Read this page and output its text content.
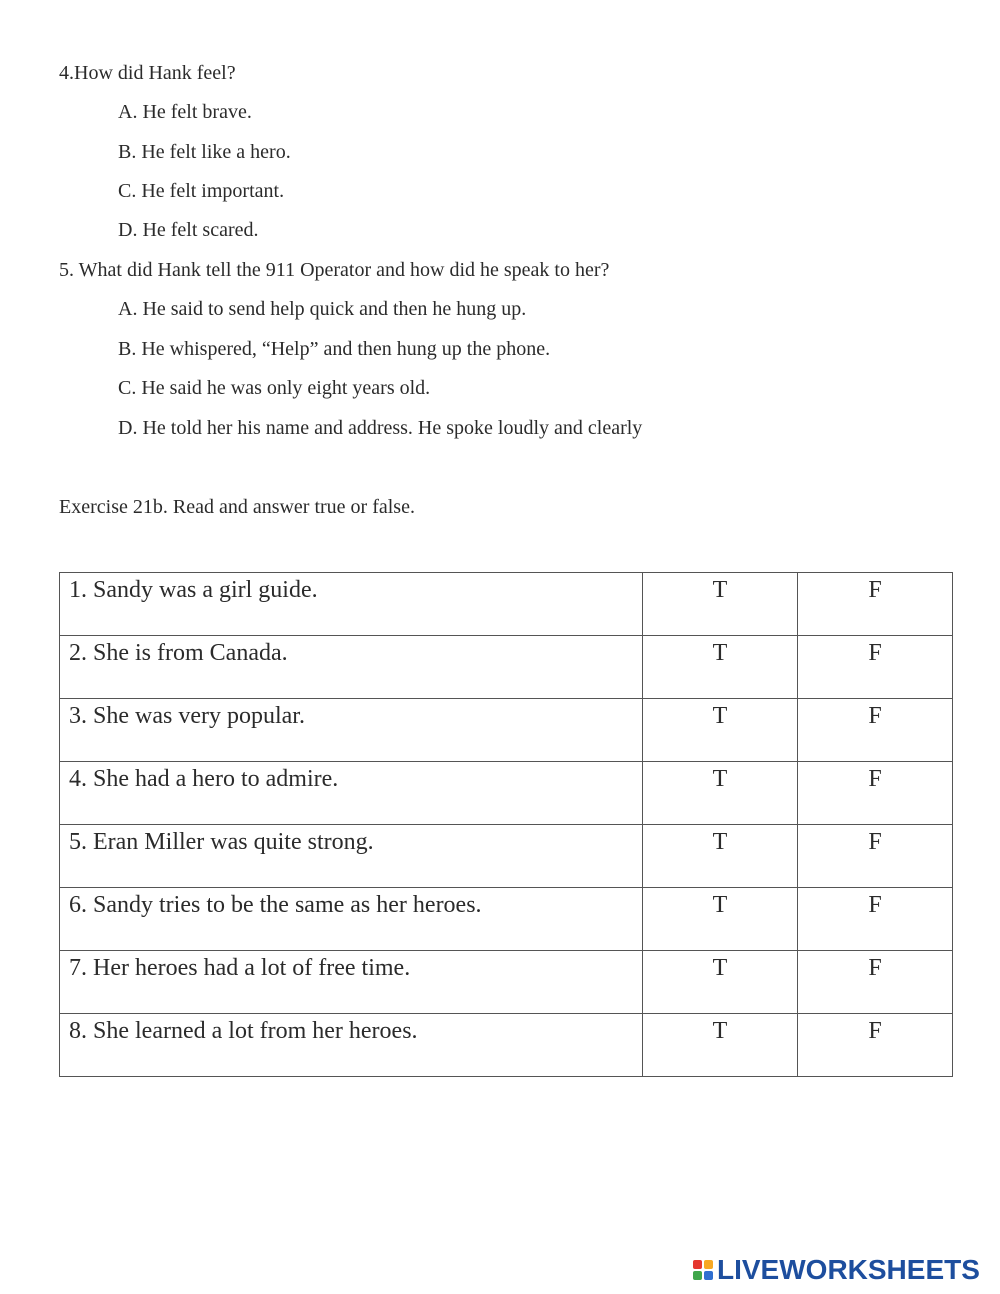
4.How did Hank feel?
A. He felt brave.
B. He felt like a hero.
C. He felt important.
D. He felt scared.
5. What did Hank tell the 911 Operator and how did he speak to her?
A. He said to send help quick and then he hung up.
B. He whispered, “Help” and then hung up the phone.
C. He said he was only eight years old.
D. He told her his name and address. He spoke loudly and clearly
Exercise 21b. Read and answer true or false.
1. Sandy was a girl guide.	T	F
2. She is from Canada.	T	F
3. She was very popular.	T	F
4. She had a hero to admire.	T	F
5. Eran Miller was quite strong.	T	F
6. Sandy tries to be the same as her heroes.	T	F
7. Her heroes had a lot of free time.	T	F
8. She learned a lot from her heroes.	T	F
LIVEWORKSHEETS
